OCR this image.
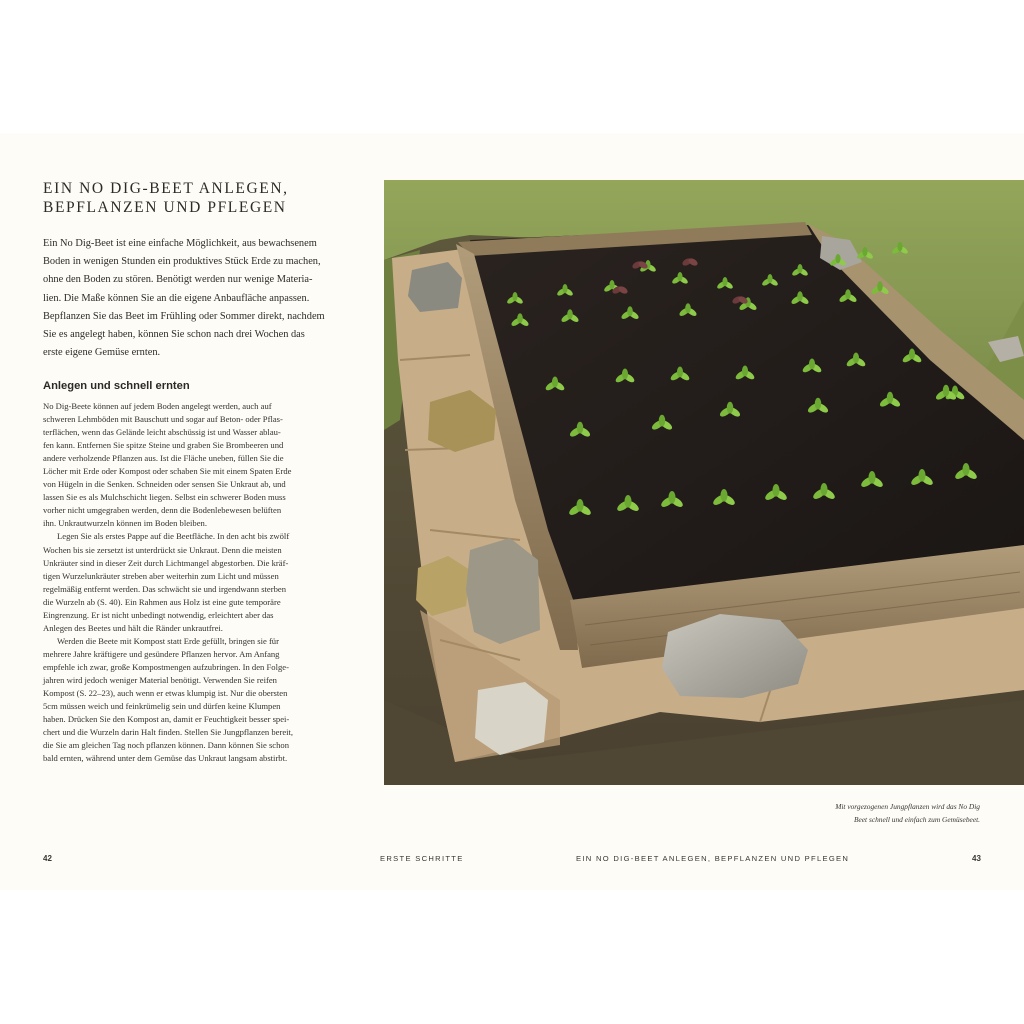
EIN NO DIG-BEET ANLEGEN,
BEPFLANZEN UND PFLEGEN
Ein No Dig-Beet ist eine einfache Möglichkeit, aus bewachsenem
Boden in wenigen Stunden ein produktives Stück Erde zu machen,
ohne den Boden zu stören. Benötigt werden nur wenige Materia-
lien. Die Maße können Sie an die eigene Anbaufläche anpassen.
Bepflanzen Sie das Beet im Frühling oder Sommer direkt, nachdem
Sie es angelegt haben, können Sie schon nach drei Wochen das
erste eigene Gemüse ernten.
Anlegen und schnell ernten
No Dig-Beete können auf jedem Boden angelegt werden, auch auf
schweren Lehmböden mit Bauschutt und sogar auf Beton- oder Pflas-
terflächen, wenn das Gelände leicht abschüssig ist und Wasser ablau-
fen kann. Entfernen Sie spitze Steine und graben Sie Brombeeren und
andere verholzende Pflanzen aus. Ist die Fläche uneben, füllen Sie die
Löcher mit Erde oder Kompost oder schaben Sie mit einem Spaten Erde
von Hügeln in die Senken. Schneiden oder sensen Sie Unkraut ab, und
lassen Sie es als Mulchschicht liegen. Selbst ein schwerer Boden muss
vorher nicht umgegraben werden, denn die Bodenlebewesen belüften
ihn. Unkrautwurzeln können im Boden bleiben.
Legen Sie als erstes Pappe auf die Beetfläche. In den acht bis zwölf
Wochen bis sie zersetzt ist unterdrückt sie Unkraut. Denn die meisten
Unkräuter sind in dieser Zeit durch Lichtmangel abgestorben. Die kräf-
tigen Wurzelunkräuter streben aber weiterhin zum Licht und müssen
regelmäßig entfernt werden. Das schwächt sie und irgendwann sterben
die Wurzeln ab (S. 40). Ein Rahmen aus Holz ist eine gute temporäre
Eingrenzung. Er ist nicht unbedingt notwendig, erleichtert aber das
Anlegen des Beetes und hält die Ränder unkrautfrei.
Werden die Beete mit Kompost statt Erde gefüllt, bringen sie für
mehrere Jahre kräftigere und gesündere Pflanzen hervor. Am Anfang
empfehle ich zwar, große Kompostmengen aufzubringen. In den Folge-
jahren wird jedoch weniger Material benötigt. Verwenden Sie reifen
Kompost (S. 22–23), auch wenn er etwas klumpig ist. Nur die obersten
5cm müssen weich und feinkrümelig sein und dürfen keine Klumpen
haben. Drücken Sie den Kompost an, damit er Feuchtigkeit besser spei-
chert und die Wurzeln darin Halt finden. Stellen Sie Jungpflanzen bereit,
die Sie am gleichen Tag noch pflanzen können. Dann können Sie schon
bald ernten, während unter dem Gemüse das Unkraut langsam abstirbt.
Mit vorgezogenen Jungpflanzen wird das No Dig
Beet schnell und einfach zum Gemüsebeet.
42	ERSTE SCHRITTE	EIN NO DIG-BEET ANLEGEN, BEPFLANZEN UND PFLEGEN	43
